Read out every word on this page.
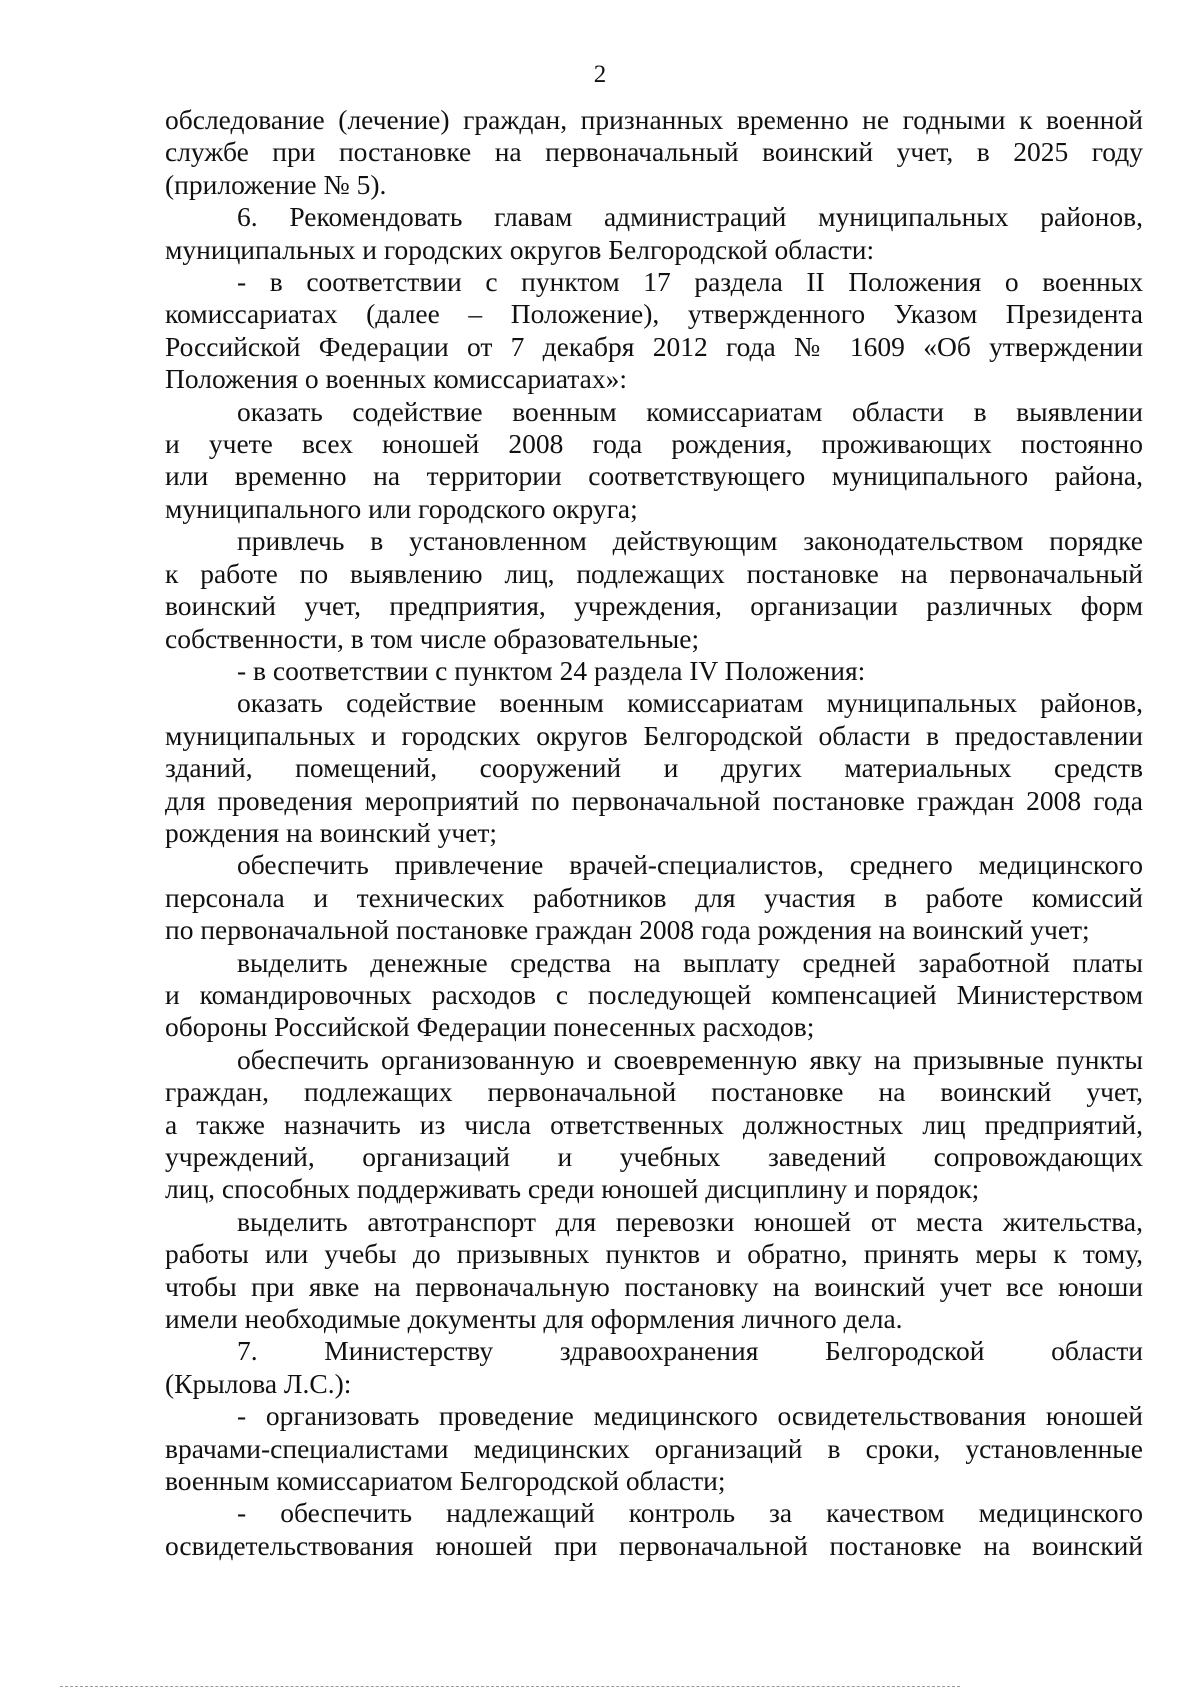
2

обследование (лечение) граждан, признанных временно не годными к военной

службе при постановке на первоначальный воинский учет, в 2025 году

(приложение № 5).

6. Рекомендовать главам администраций муниципальных районов,

муниципальных и городских округов Белгородской области:

- в соответствии с пунктом 17 раздела II Положения о военных

комиссариатах (далее – Положение), утвержденного Указом Президента

Российской Федерации от 7 декабря 2012 года № 1609 «Об утверждении

Положения о военных комиссариатах»:

оказать содействие военным комиссариатам области в выявлении

и учете всех юношей 2008 года рождения, проживающих постоянно

или временно на территории соответствующего муниципального района,

муниципального или городского округа;

привлечь в установленном действующим законодательством порядке

к работе по выявлению лиц, подлежащих постановке на первоначальный

воинский учет, предприятия, учреждения, организации различных форм

собственности, в том числе образовательные;

- в соответствии с пунктом 24 раздела IV Положения:

оказать содействие военным комиссариатам муниципальных районов,

муниципальных и городских округов Белгородской области в предоставлении

зданий, помещений, сооружений и других материальных средств

для проведения мероприятий по первоначальной постановке граждан 2008 года

рождения на воинский учет;

обеспечить привлечение врачей-специалистов, среднего медицинского

персонала и технических работников для участия в работе комиссий

по первоначальной постановке граждан 2008 года рождения на воинский учет;

выделить денежные средства на выплату средней заработной платы

и командировочных расходов с последующей компенсацией Министерством

обороны Российской Федерации понесенных расходов;

обеспечить организованную и своевременную явку на призывные пункты

граждан, подлежащих первоначальной постановке на воинский учет,

а также назначить из числа ответственных должностных лиц предприятий,

учреждений, организаций и учебных заведений сопровождающих

лиц, способных поддерживать среди юношей дисциплину и порядок;

выделить автотранспорт для перевозки юношей от места жительства,

работы или учебы до призывных пунктов и обратно, принять меры к тому,

чтобы при явке на первоначальную постановку на воинский учет все юноши

имели необходимые документы для оформления личного дела.

7. Министерству здравоохранения Белгородской области

(Крылова Л.С.):

- организовать проведение медицинского освидетельствования юношей

врачами-специалистами медицинских организаций в сроки, установленные

военным комиссариатом Белгородской области;

- обеспечить надлежащий контроль за качеством медицинского

освидетельствования юношей при первоначальной постановке на воинский
